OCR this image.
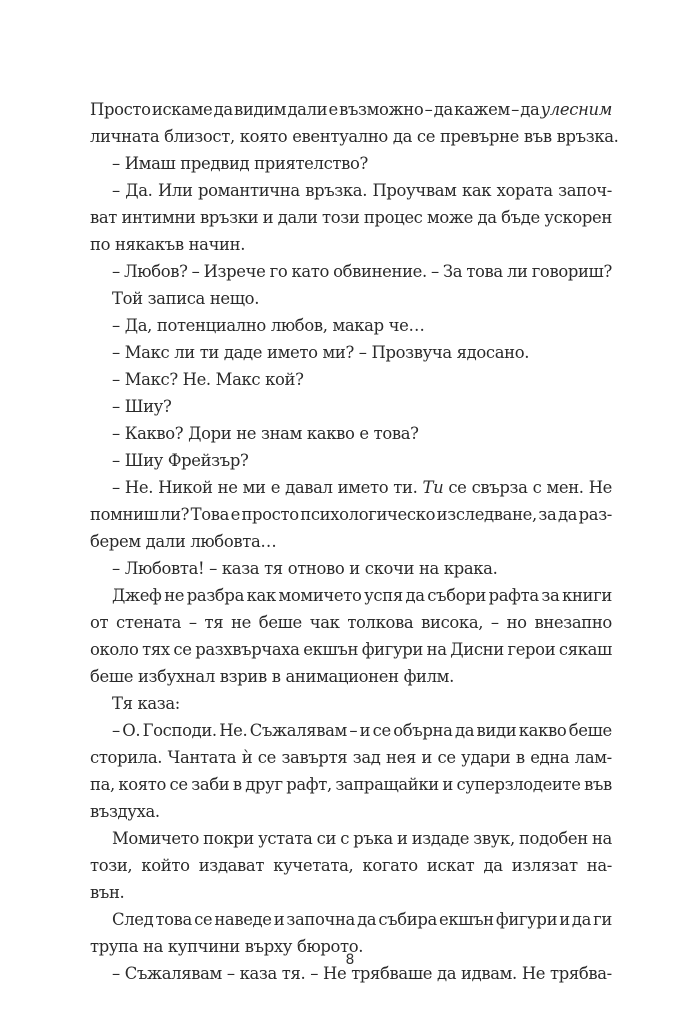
Просто искаме да видим дали е възможно – да кажем – да улесним
личната близост, която евентуално да се превърне във връзка.
– Имаш предвид приятелство?
– Да. Или романтична връзка. Проучвам как хората започ-
ват интимни връзки и дали този процес може да бъде ускорен
по някакъв начин.
– Любов? – Изрече го като обвинение. – За това ли говориш?
Той записа нещо.
– Да, потенциално любов, макар че…
– Макс ли ти даде името ми? – Прозвуча ядосано.
– Макс? Не. Макс кой?
– Шиу?
– Какво? Дори не знам какво е това?
– Шиу Фрейзър?
– Не. Никой не ми е давал името ти. Ти се свърза с мен. Не
помниш ли? Това е просто психологическо изследване, за да раз-
берем дали любовта…
– Любовта! – каза тя отново и скочи на крака.
Джеф не разбра как момичето успя да събори рафта за книги
от стената – тя не беше чак толкова висока, – но внезапно
около тях се разхвърчаха екшън фигури на Дисни герои сякаш
беше избухнал взрив в анимационен филм.
Тя каза:
– О. Господи. Не. Съжалявам – и се обърна да види какво беше
сторила. Чантата ѝ се завъртя зад нея и се удари в една лам-
па, която се заби в друг рафт, запращайки и суперзлодеите във
въздуха.
Момичето покри устата си с ръка и издаде звук, подобен на
този, който издават кучетата, когато искат да излязат на-
вън.
След това се наведе и започна да събира екшън фигури и да ги
трупа на купчини върху бюрото.
– Съжалявам – каза тя. – Не трябваше да идвам. Не трябва-
8
